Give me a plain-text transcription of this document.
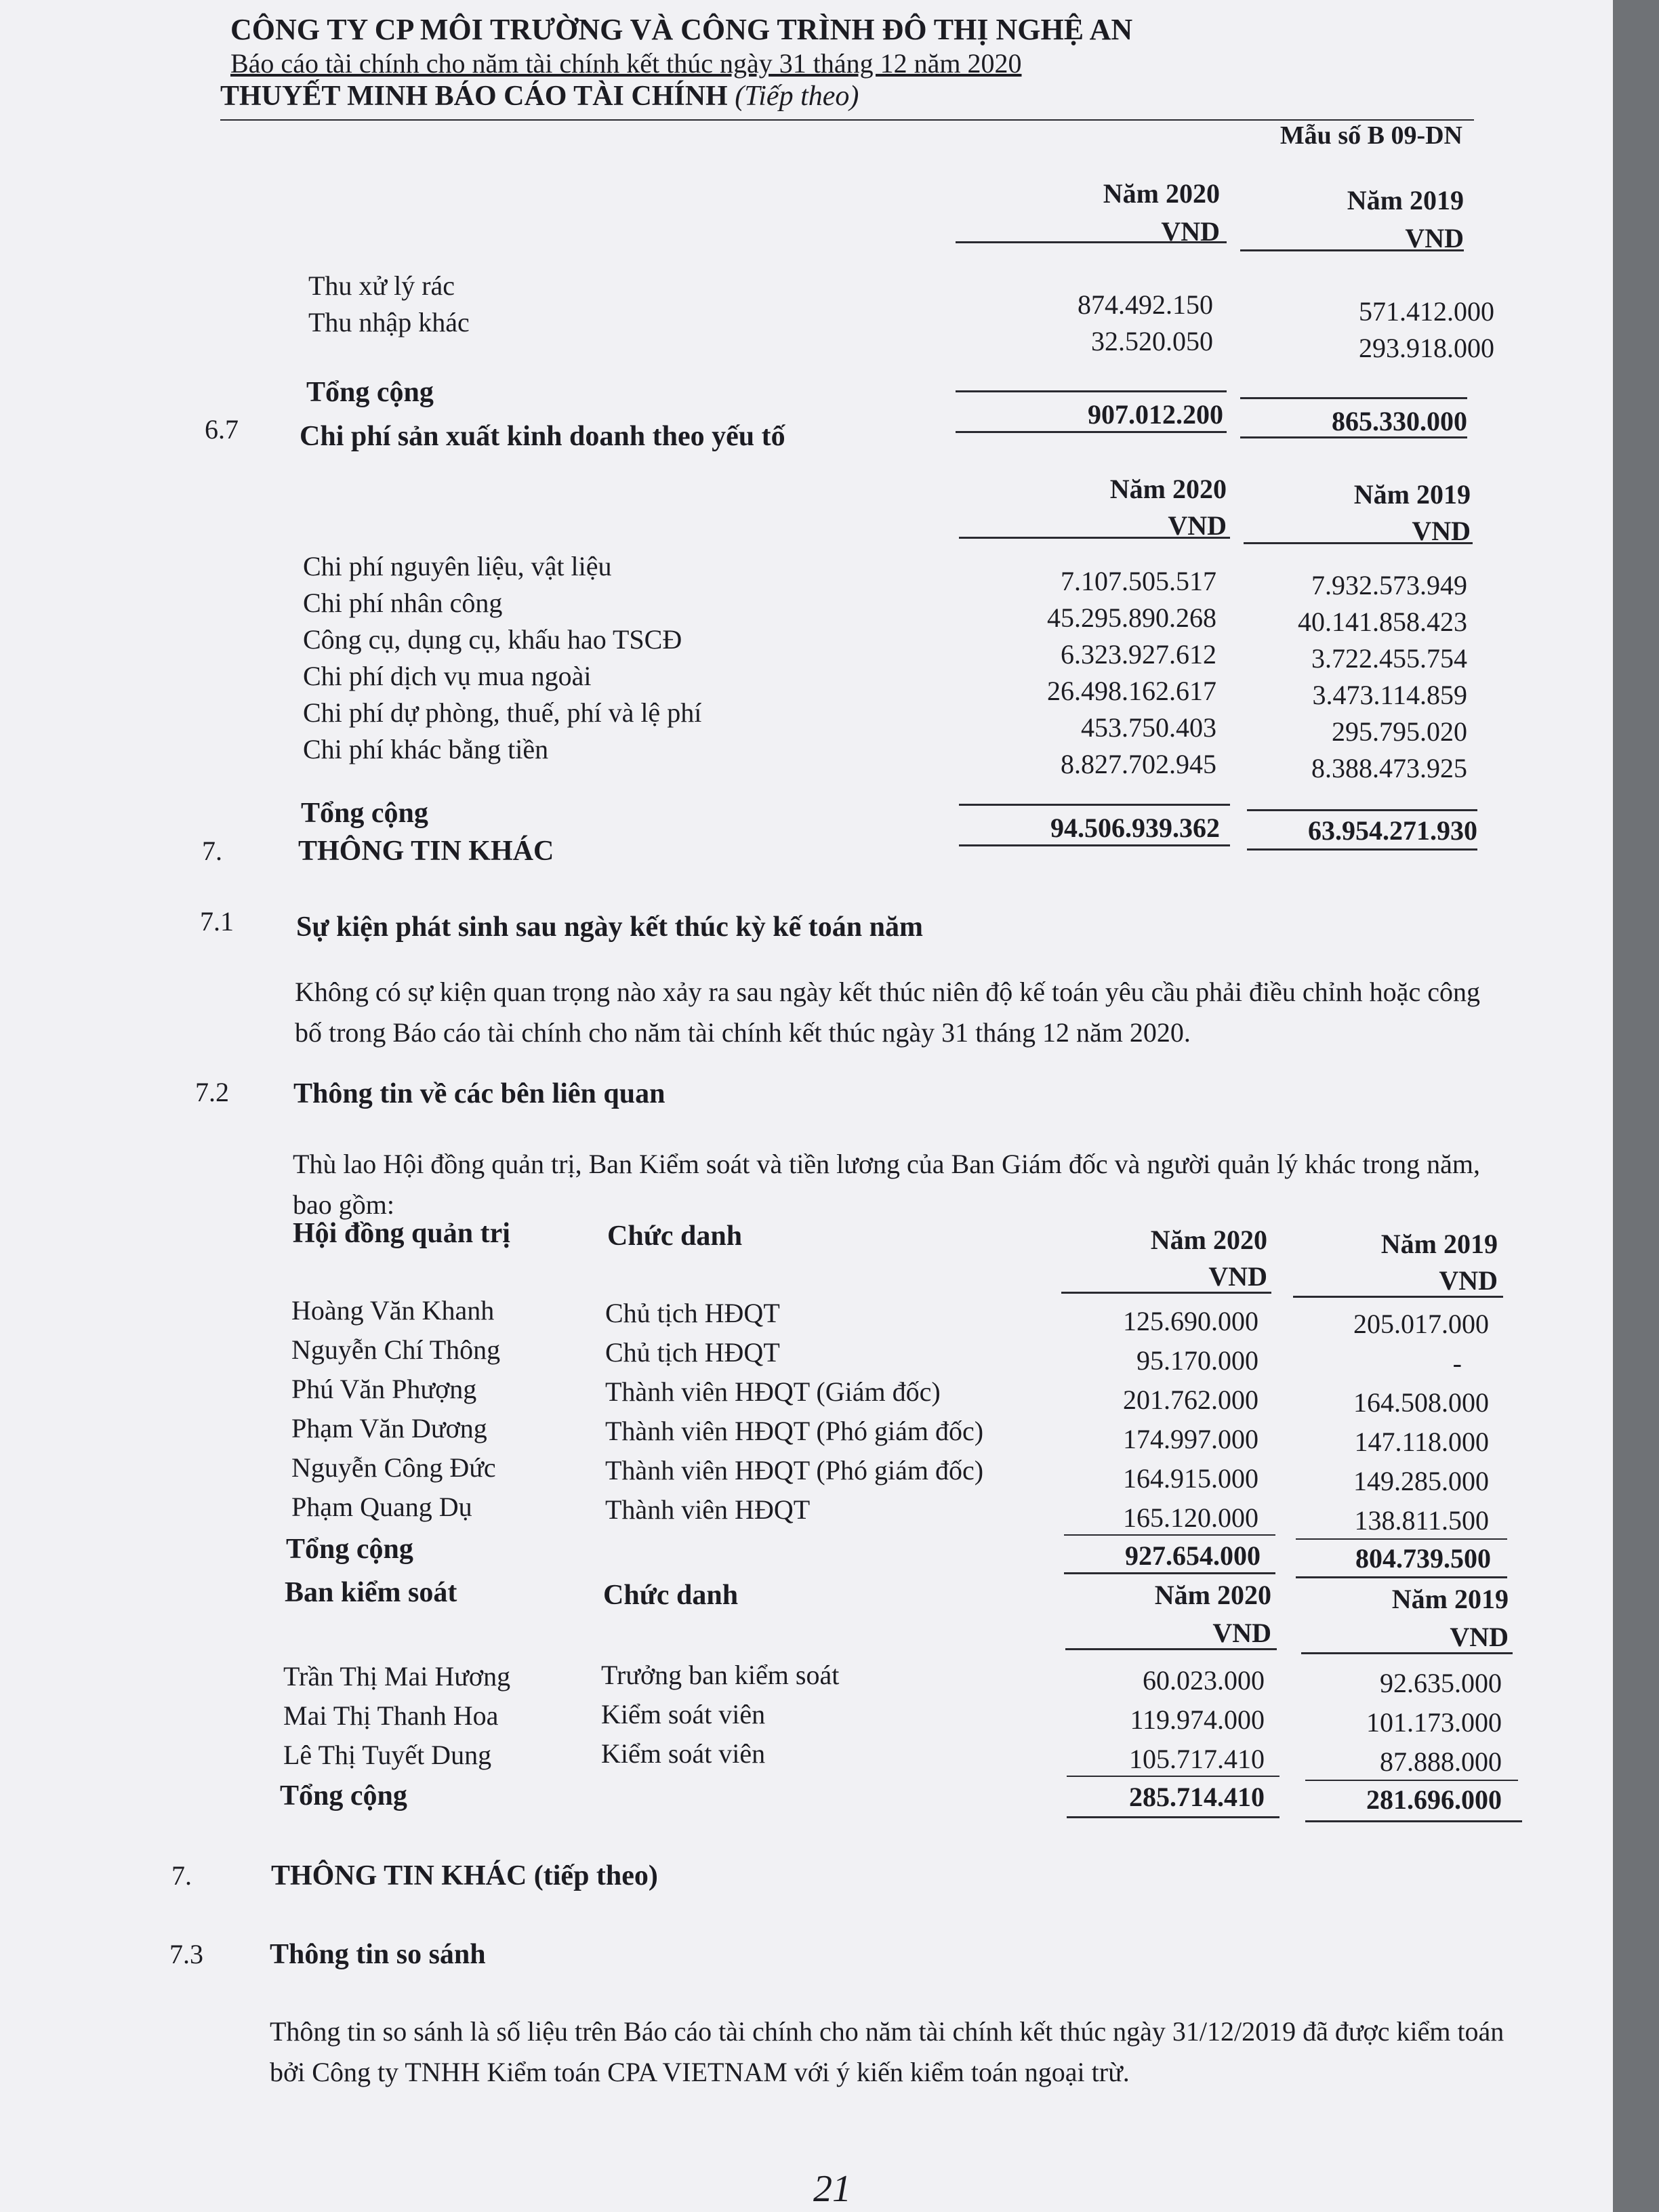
CÔNG TY CP MÔI TRƯỜNG VÀ CÔNG TRÌNH ĐÔ THỊ NGHỆ AN
Báo cáo tài chính cho năm tài chính kết thúc ngày 31 tháng 12 năm 2020
THUYẾT MINH BÁO CÁO TÀI CHÍNH (Tiếp theo)
Mẫu số B 09-DN
Năm 2020	Năm 2019
VND	VND
Thu xử lý rác
874.492.150	571.412.000
Thu nhập khác
32.520.050	293.918.000
Tổng cộng
907.012.200	865.330.000
6.7 Chi phí sản xuất kinh doanh theo yếu tố
Năm 2020	Năm 2019
VND	VND
Chi phí nguyên liệu, vật liệu	7.107.505.517	7.932.573.949
Chi phí nhân công	45.295.890.268	40.141.858.423
Công cụ, dụng cụ, khấu hao TSCĐ	6.323.927.612	3.722.455.754
Chi phí dịch vụ mua ngoài	26.498.162.617	3.473.114.859
Chi phí dự phòng, thuế, phí và lệ phí	453.750.403	295.795.020
Chi phí khác bằng tiền	8.827.702.945	8.388.473.925
Tổng cộng	94.506.939.362	63.954.271.930
7.	THÔNG TIN KHÁC
7.1 Sự kiện phát sinh sau ngày kết thúc kỳ kế toán năm
Không có sự kiện quan trọng nào xảy ra sau ngày kết thúc niên độ kế toán yêu cầu phải điều chỉnh hoặc công bố trong Báo cáo tài chính cho năm tài chính kết thúc ngày 31 tháng 12 năm 2020.
7.2 Thông tin về các bên liên quan
Thù lao Hội đồng quản trị, Ban Kiểm soát và tiền lương của Ban Giám đốc và người quản lý khác trong năm, bao gồm:
Hội đồng quản trị	Chức danh	Năm 2020	Năm 2019
VND	VND
Hoàng Văn Khanh	Chủ tịch HĐQT	125.690.000	205.017.000
Nguyễn Chí Thông	Chủ tịch HĐQT	95.170.000	-
Phú Văn Phượng	Thành viên HĐQT (Giám đốc)	201.762.000	164.508.000
Phạm Văn Dương	Thành viên HĐQT (Phó giám đốc)	174.997.000	147.118.000
Nguyễn Công Đức	Thành viên HĐQT (Phó giám đốc)	164.915.000	149.285.000
Phạm Quang Dụ	Thành viên HĐQT	165.120.000	138.811.500
Tổng cộng	927.654.000	804.739.500
Ban kiểm soát	Chức danh	Năm 2020	Năm 2019
VND	VND
Trần Thị Mai Hương	Trưởng ban kiểm soát	60.023.000	92.635.000
Mai Thị Thanh Hoa	Kiểm soát viên	119.974.000	101.173.000
Lê Thị Tuyết Dung	Kiểm soát viên	105.717.410	87.888.000
Tổng cộng	285.714.410	281.696.000
7.	THÔNG TIN KHÁC (tiếp theo)
7.3 Thông tin so sánh
Thông tin so sánh là số liệu trên Báo cáo tài chính cho năm tài chính kết thúc ngày 31/12/2019 đã được kiểm toán bởi Công ty TNHH Kiểm toán CPA VIETNAM với ý kiến kiểm toán ngoại trừ.
21
